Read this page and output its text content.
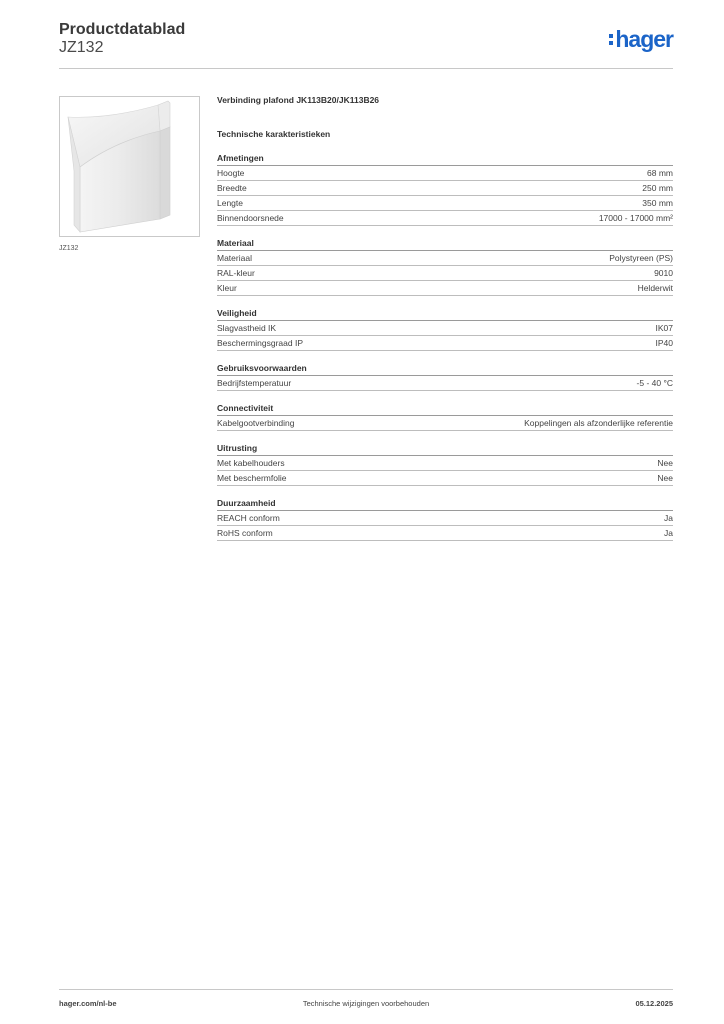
Productdatablad
JZ132	hager
JZ132
Verbinding plafond JK113B20/JK113B26
Technische karakteristieken
Afmetingen
Hoogte	68 mm
Breedte	250 mm
Lengte	350 mm
Binnendoorsnede	17000 - 17000 mm²
Materiaal
Materiaal	Polystyreen (PS)
RAL-kleur	9010
Kleur	Helderwit
Veiligheid
Slagvastheid IK	IK07
Beschermingsgraad IP	IP40
Gebruiksvoorwaarden
Bedrijfstemperatuur	-5 - 40 °C
Connectiviteit
Kabelgootverbinding	Koppelingen als afzonderlijke referentie
Uitrusting
Met kabelhouders	Nee
Met beschermfolie	Nee
Duurzaamheid
REACH conform	Ja
RoHS conform	Ja
hager.com/nl-be	Technische wijzigingen voorbehouden	05.12.2025
